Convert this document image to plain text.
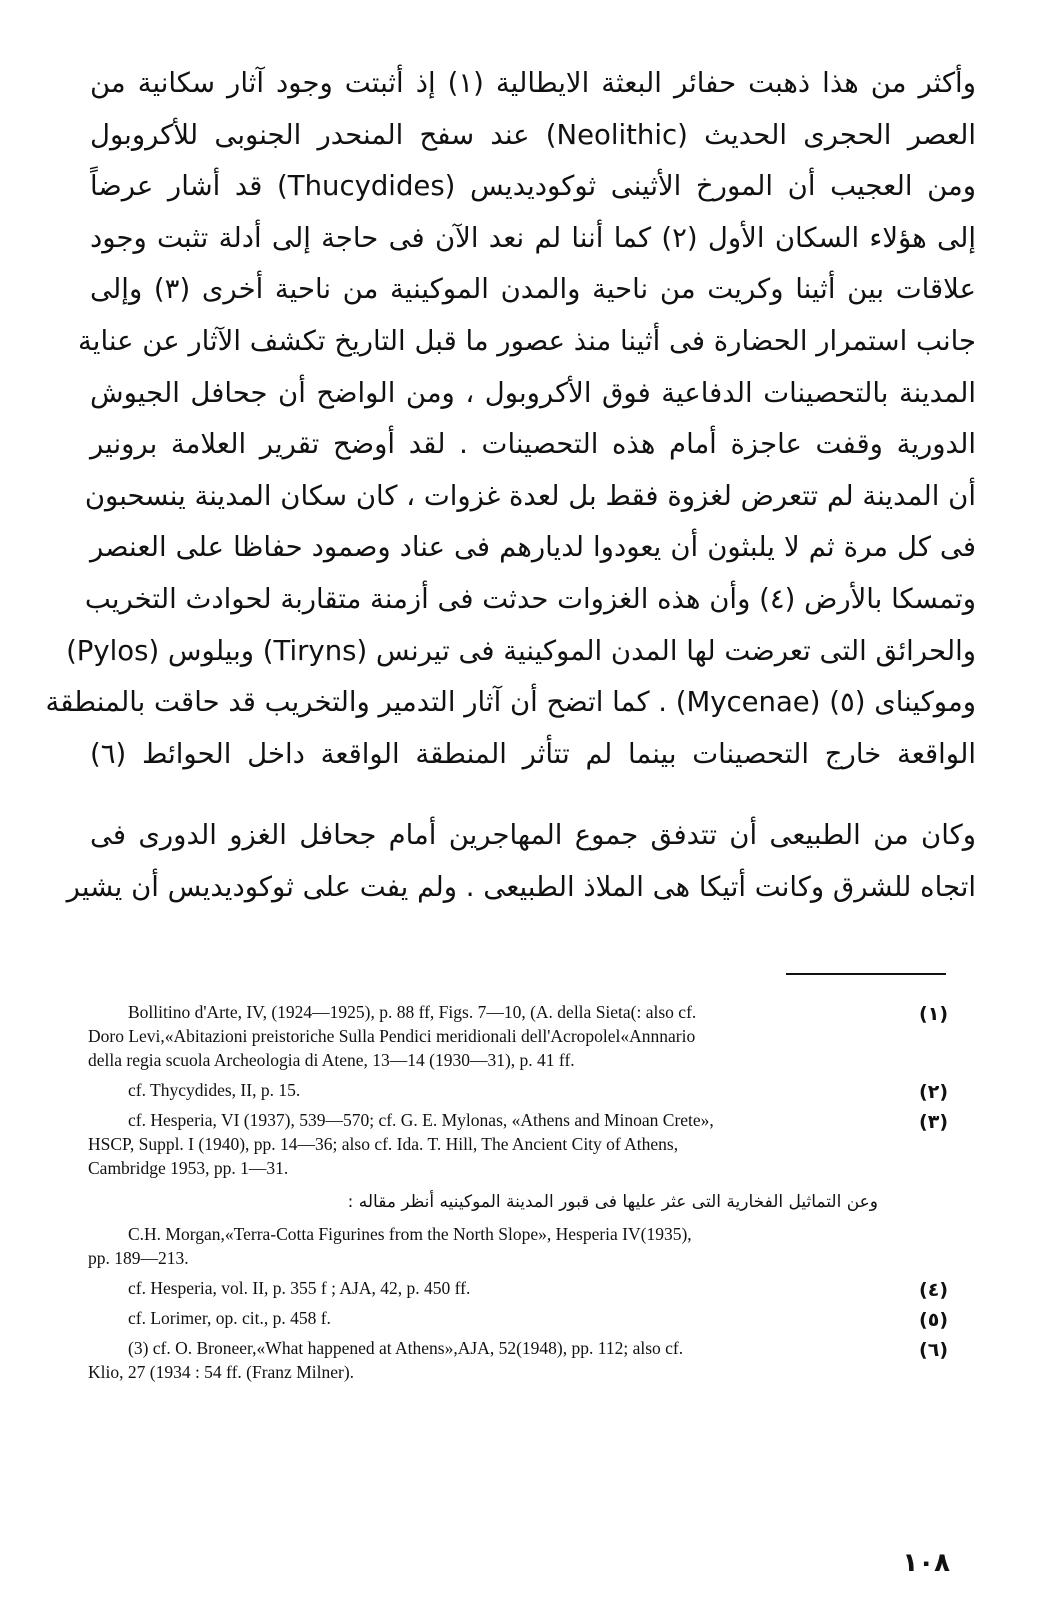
وأكثر من هذا ذهبت حفائر البعثة الايطالية (١) إذ أثبتت وجود آثار سكانية من
العصر الحجرى الحديث (Neolithic) عند سفح المنحدر الجنوبى للأكروبول
ومن العجيب أن المورخ الأثينى ثوكوديديس (Thucydides) قد أشار عرضاً
إلى هؤلاء السكان الأول (٢) كما أننا لم نعد الآن فى حاجة إلى أدلة تثبت وجود
علاقات بين أثينا وكريت من ناحية والمدن الموكينية من ناحية أخرى (٣) وإلى
جانب استمرار الحضارة فى أثينا منذ عصور ما قبل التاريخ تكشف الآثار عن عناية
المدينة بالتحصينات الدفاعية فوق الأكروبول ، ومن الواضح أن جحافل الجيوش
الدورية وقفت عاجزة أمام هذه التحصينات . لقد أوضح تقرير العلامة برونير
أن المدينة لم تتعرض لغزوة فقط بل لعدة غزوات ، كان سكان المدينة ينسحبون
فى كل مرة ثم لا يلبثون أن يعودوا لديارهم فى عناد وصمود حفاظا على العنصر
وتمسكا بالأرض (٤) وأن هذه الغزوات حدثت فى أزمنة متقاربة لحوادث التخريب
والحرائق التى تعرضت لها المدن الموكينية فى تيرنس (Tiryns) وبيلوس (Pylos)
وموكيناى (٥) (Mycenae) . كما اتضح أن آثار التدمير والتخريب قد حاقت بالمنطقة
الواقعة خارج التحصينات بينما لم تتأثر المنطقة الواقعة داخل الحوائط (٦)
وكان من الطبيعى أن تتدفق جموع المهاجرين أمام جحافل الغزو الدورى فى
اتجاه للشرق وكانت أتيكا هى الملاذ الطبيعى . ولم يفت على ثوكوديديس أن يشير
(١)
Bollitino d'Arte, IV, (1924—1925), p. 88 ff, Figs. 7—10, (A. della Sieta(: also cf.
Doro Levi,«Abitazioni preistoriche Sulla Pendici meridionali dell'Acropolel«Annnario
della regia scuola Archeologia di Atene, 13—14 (1930—31), p. 41 ff.
(٢)
cf. Thycydides, II, p. 15.
(٣)
cf. Hesperia, VI (1937), 539—570; cf. G. E. Mylonas, «Athens and Minoan Crete»,
HSCP, Suppl. I (1940), pp. 14—36; also cf. Ida. T. Hill, The Ancient City of Athens,
Cambridge 1953, pp. 1—31.
وعن التماثيل الفخارية التى عثر عليها فى قبور المدينة الموكينيه أنظر مقاله :
C.H. Morgan,«Terra-Cotta Figurines from the North Slope», Hesperia IV(1935),
pp. 189—213.
(٤)
cf. Hesperia, vol. II, p. 355 f ; AJA, 42, p. 450 ff.
(٥)
cf. Lorimer, op. cit., p. 458 f.
(٦)
(3) cf. O. Broneer,«What happened at Athens»,AJA, 52(1948), pp. 112; also cf.
Klio, 27 (1934 : 54 ff. (Franz Milner).
١٠٨
